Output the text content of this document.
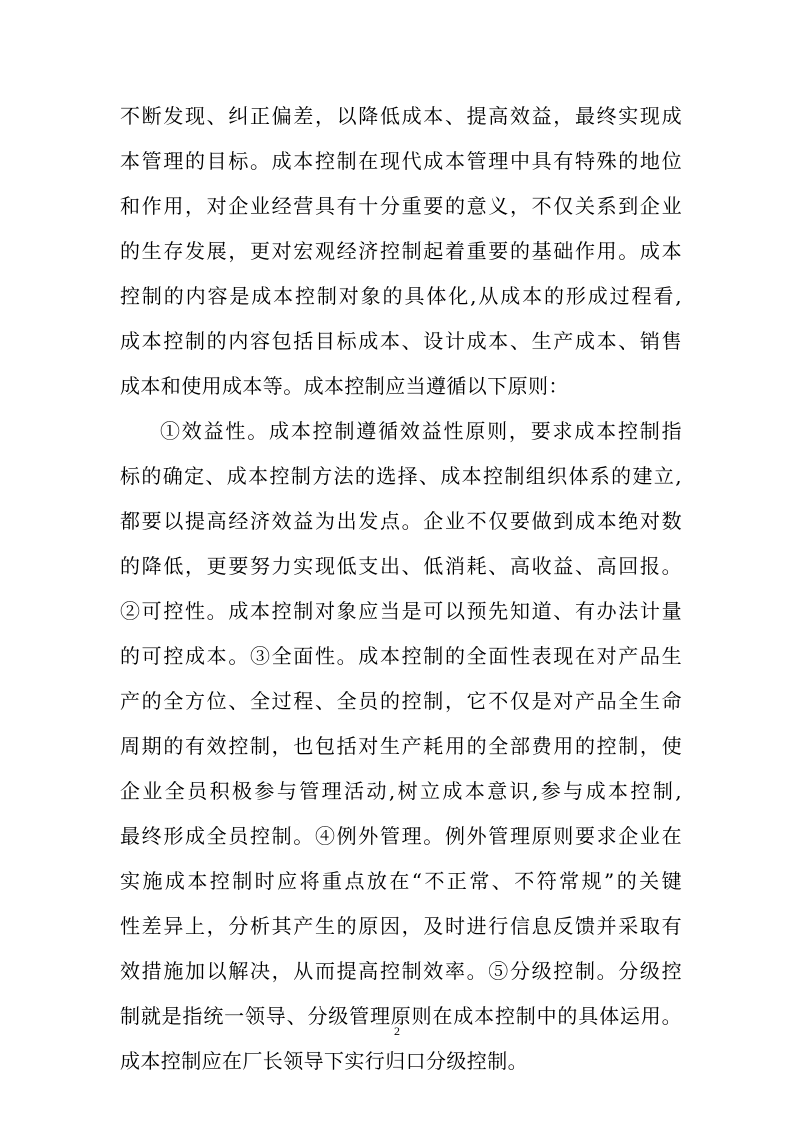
不断发现、纠正偏差，以降低成本、提高效益，最终实现成
本管理的目标。成本控制在现代成本管理中具有特殊的地位
和作用，对企业经营具有十分重要的意义，不仅关系到企业
的生存发展，更对宏观经济控制起着重要的基础作用。成本
控制的内容是成本控制对象的具体化,从成本的形成过程看,
成本控制的内容包括目标成本、设计成本、生产成本、销售
成本和使用成本等。成本控制应当遵循以下原则：
①效益性。成本控制遵循效益性原则，要求成本控制指
标的确定、成本控制方法的选择、成本控制组织体系的建立,
都要以提高经济效益为出发点。企业不仅要做到成本绝对数
的降低，更要努力实现低支出、低消耗、高收益、高回报。
②可控性。成本控制对象应当是可以预先知道、有办法计量
的可控成本。③全面性。成本控制的全面性表现在对产品生
产的全方位、全过程、全员的控制，它不仅是对产品全生命
周期的有效控制，也包括对生产耗用的全部费用的控制，使
企业全员积极参与管理活动,树立成本意识,参与成本控制,
最终形成全员控制。④例外管理。例外管理原则要求企业在
实施成本控制时应将重点放在“不正常、不符常规”的关键
性差异上，分析其产生的原因，及时进行信息反馈并采取有
效措施加以解决，从而提高控制效率。⑤分级控制。分级控
制就是指统一领导、分级管理原则在成本控制中的具体运用。
成本控制应在厂长领导下实行归口分级控制。
2
